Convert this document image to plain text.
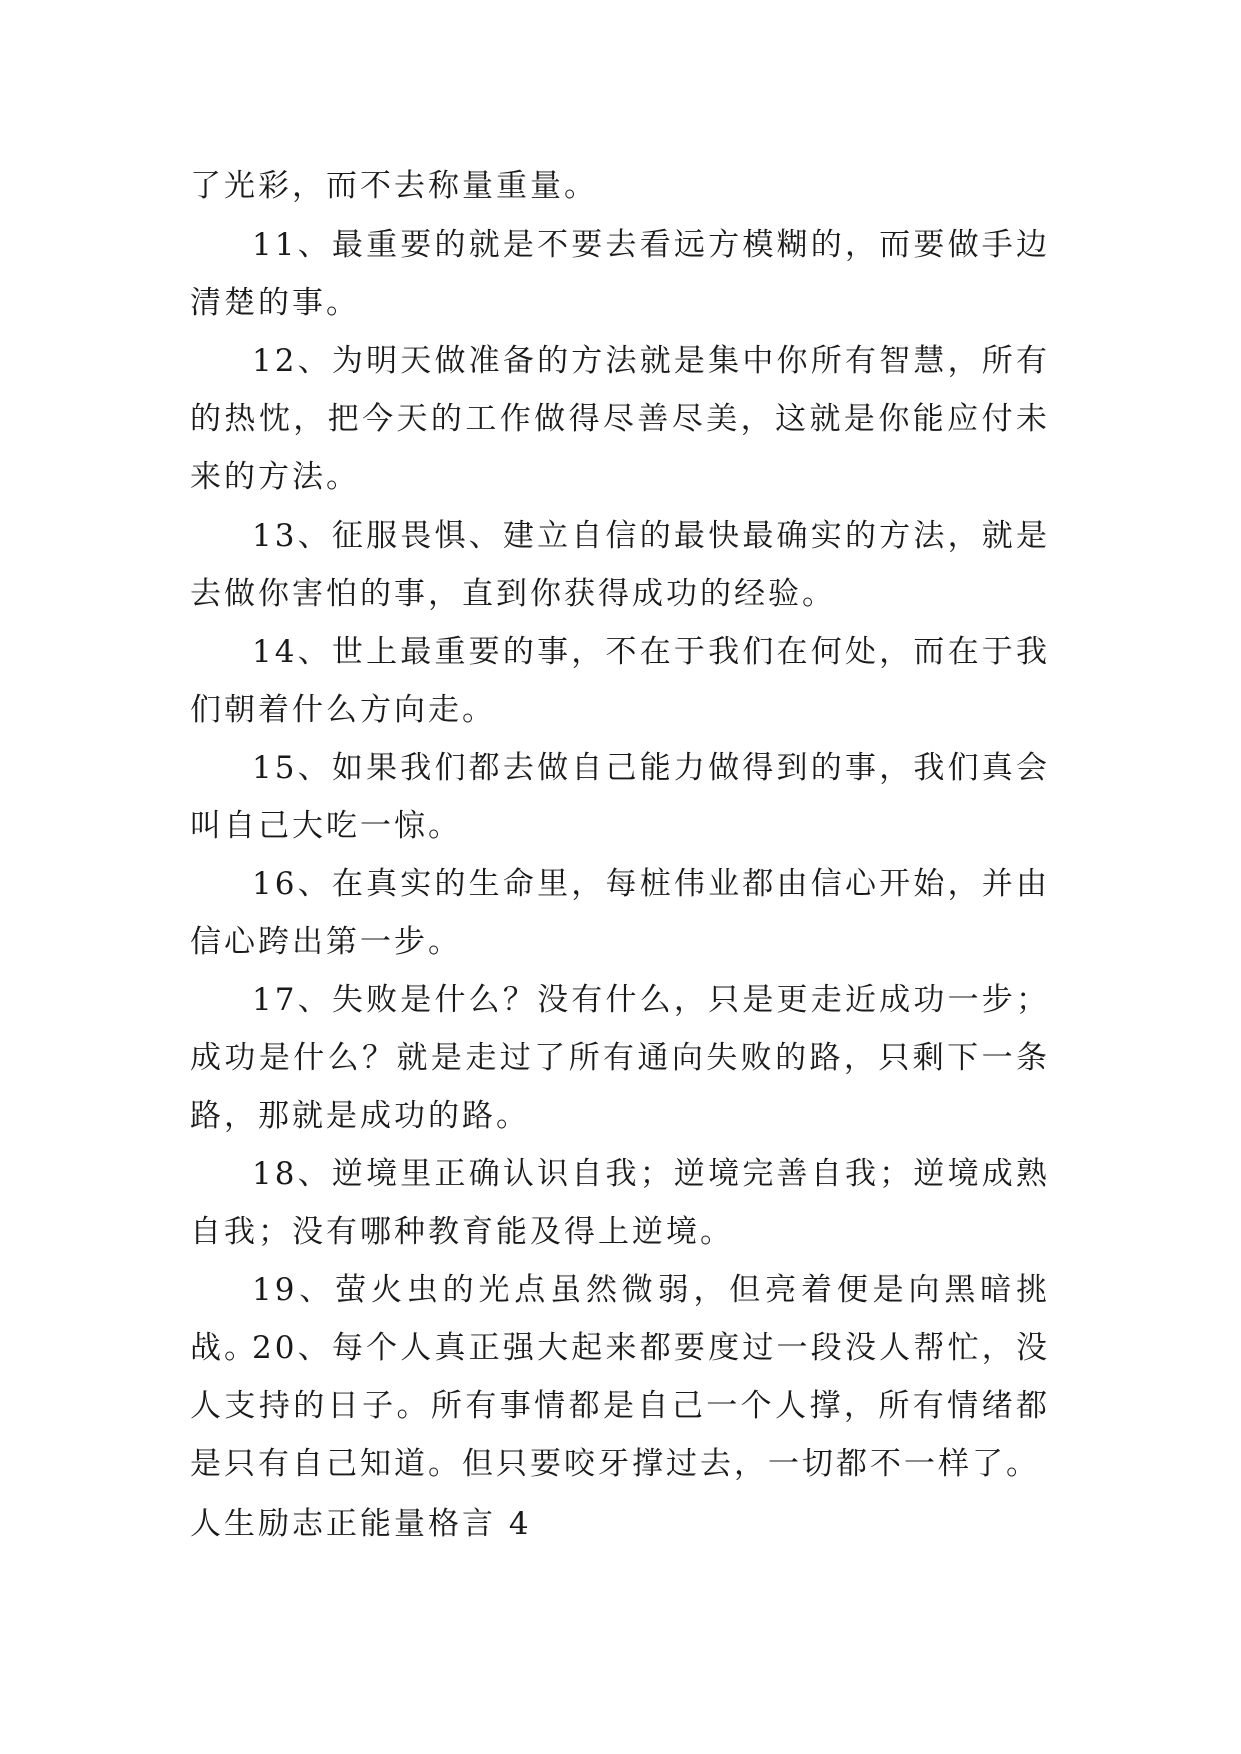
了光彩，而不去称量重量。

11、最重要的就是不要去看远方模糊的，而要做手边清楚的事。

12、为明天做准备的方法就是集中你所有智慧，所有的热忱，把今天的工作做得尽善尽美，这就是你能应付未来的方法。

13、征服畏惧、建立自信的最快最确实的方法，就是去做你害怕的事，直到你获得成功的经验。

14、世上最重要的事，不在于我们在何处，而在于我们朝着什么方向走。

15、如果我们都去做自己能力做得到的事，我们真会叫自己大吃一惊。

16、在真实的生命里，每桩伟业都由信心开始，并由信心跨出第一步。

17、失败是什么？没有什么，只是更走近成功一步；成功是什么？就是走过了所有通向失败的路，只剩下一条路，那就是成功的路。

18、逆境里正确认识自我；逆境完善自我；逆境成熟自我；没有哪种教育能及得上逆境。

19、萤火虫的光点虽然微弱，但亮着便是向黑暗挑战。

20、每个人真正强大起来都要度过一段没人帮忙，没人支持的日子。所有事情都是自己一个人撑，所有情绪都是只有自己知道。但只要咬牙撑过去，一切都不一样了。

人生励志正能量格言 4
